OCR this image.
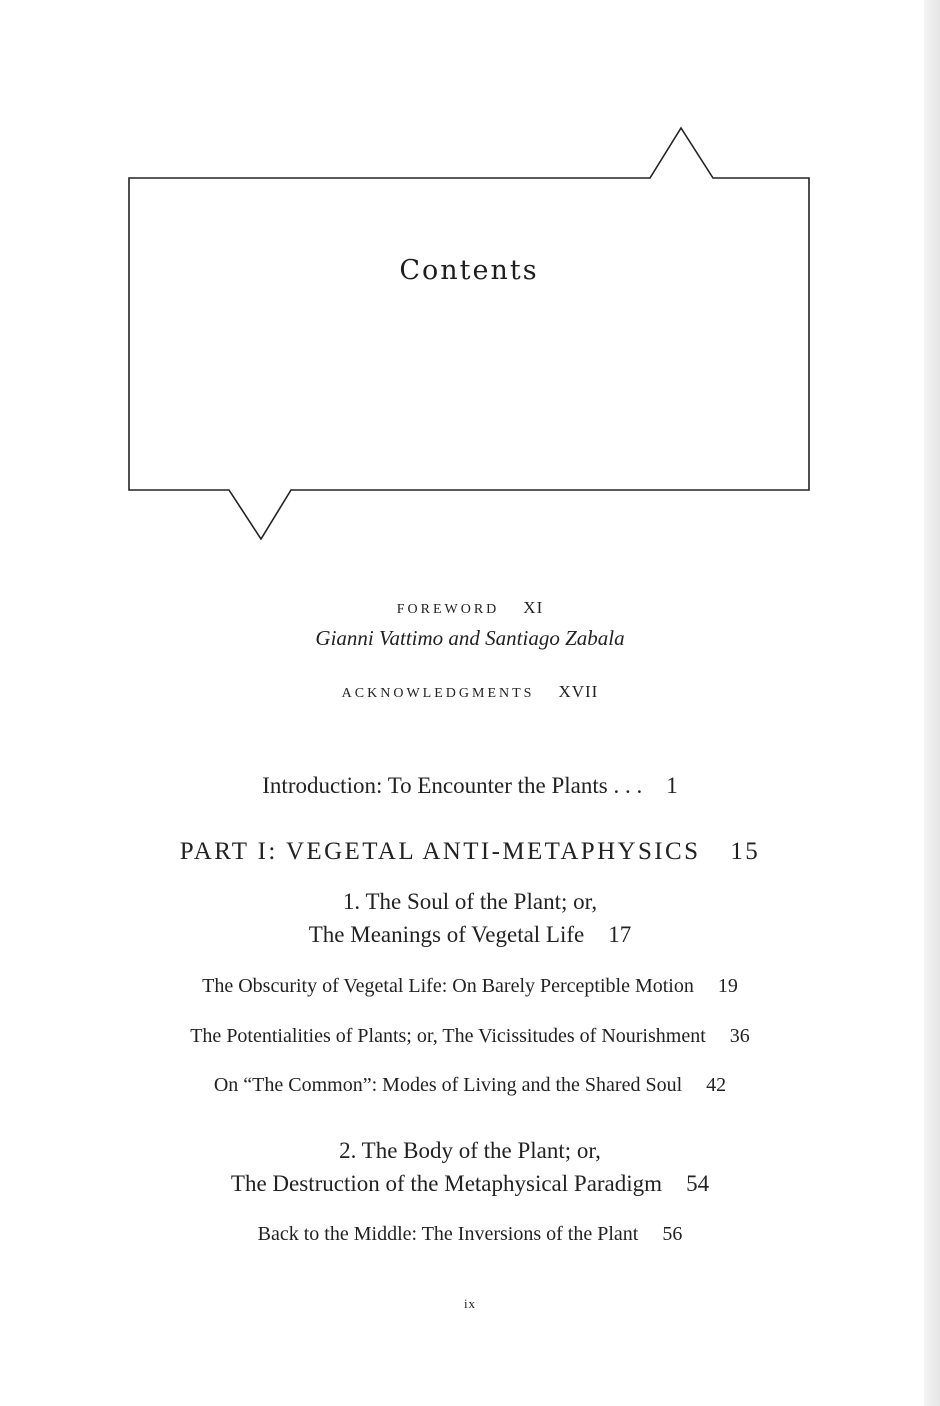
Contents
FOREWORD XI
Gianni Vattimo and Santiago Zabala
ACKNOWLEDGMENTS XVII
Introduction: To Encounter the Plants . . . 1
PART I: VEGETAL ANTI-METAPHYSICS 15
1. The Soul of the Plant; or,
The Meanings of Vegetal Life 17
The Obscurity of Vegetal Life: On Barely Perceptible Motion 19
The Potentialities of Plants; or, The Vicissitudes of Nourishment 36
On “The Common”: Modes of Living and the Shared Soul 42
2. The Body of the Plant; or,
The Destruction of the Metaphysical Paradigm 54
Back to the Middle: The Inversions of the Plant 56
ix
